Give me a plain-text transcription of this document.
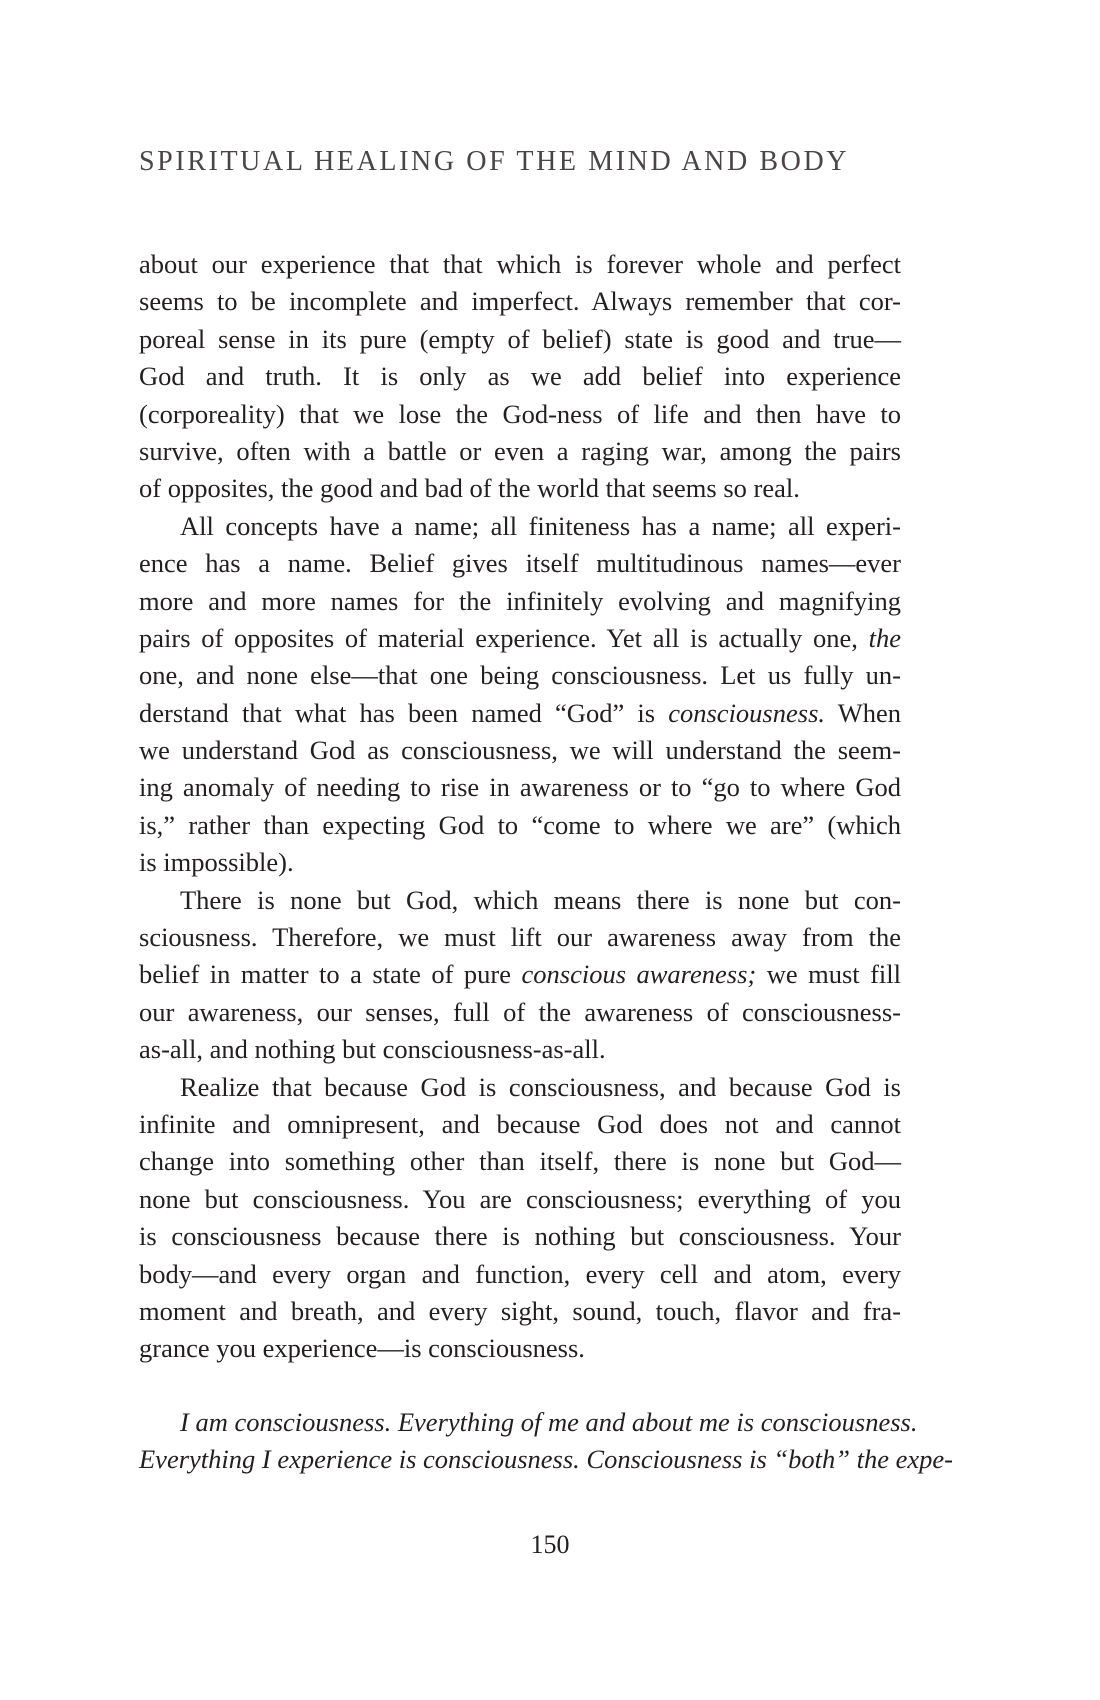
SPIRITUAL HEALING OF THE MIND AND BODY
about our experience that that which is forever whole and perfect
seems to be incomplete and imperfect. Always remember that cor-
poreal sense in its pure (empty of belief) state is good and true—
God and truth. It is only as we add belief into experience
(corporeality) that we lose the God-ness of life and then have to
survive, often with a battle or even a raging war, among the pairs
of opposites, the good and bad of the world that seems so real.
All concepts have a name; all finiteness has a name; all experi-
ence has a name. Belief gives itself multitudinous names—ever
more and more names for the infinitely evolving and magnifying
pairs of opposites of material experience. Yet all is actually one, the
one, and none else—that one being consciousness. Let us fully un-
derstand that what has been named “God” is consciousness. When
we understand God as consciousness, we will understand the seem-
ing anomaly of needing to rise in awareness or to “go to where God
is,” rather than expecting God to “come to where we are” (which
is impossible).
There is none but God, which means there is none but con-
sciousness. Therefore, we must lift our awareness away from the
belief in matter to a state of pure conscious awareness; we must fill
our awareness, our senses, full of the awareness of consciousness-
as-all, and nothing but consciousness-as-all.
Realize that because God is consciousness, and because God is
infinite and omnipresent, and because God does not and cannot
change into something other than itself, there is none but God—
none but consciousness. You are consciousness; everything of you
is consciousness because there is nothing but consciousness. Your
body—and every organ and function, every cell and atom, every
moment and breath, and every sight, sound, touch, flavor and fra-
grance you experience—is consciousness.
I am consciousness. Everything of me and about me is consciousness.
Everything I experience is consciousness. Consciousness is “both” the expe-
150
